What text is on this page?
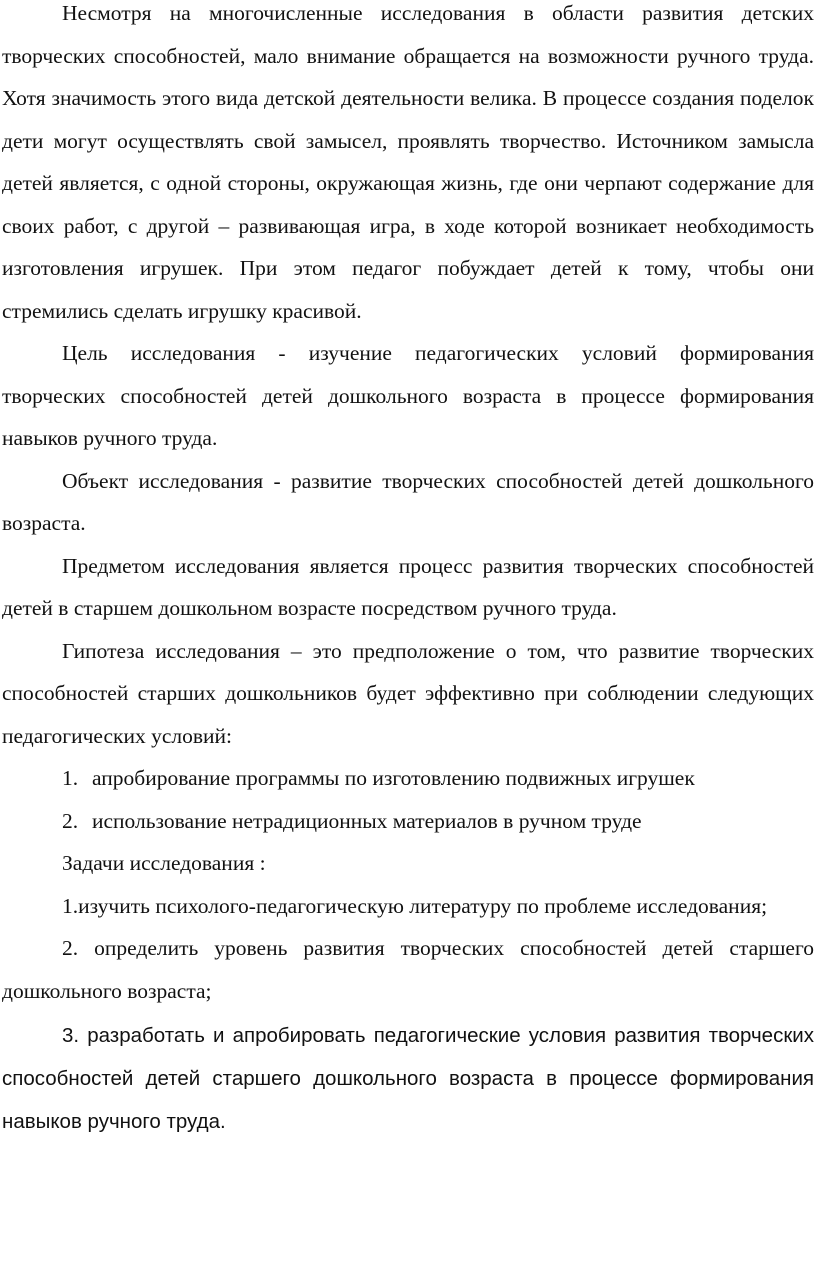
Несмотря на многочисленные исследования в области развития детских творческих способностей, мало внимание обращается на возможности ручного труда. Хотя значимость этого вида детской деятельности велика. В процессе создания поделок дети могут осуществлять свой замысел, проявлять творчество. Источником замысла детей является, с одной стороны, окружающая жизнь, где они черпают содержание для своих работ, с другой – развивающая игра, в ходе которой возникает необходимость изготовления игрушек. При этом педагог побуждает детей к тому, чтобы они стремились сделать игрушку красивой.

Цель исследования - изучение педагогических условий формирования творческих способностей детей дошкольного возраста в процессе формирования навыков ручного труда.

Объект исследования - развитие творческих способностей детей дошкольного возраста.

Предметом исследования является процесс развития творческих способностей детей в старшем дошкольном возрасте посредством ручного труда.

Гипотеза исследования – это предположение о том, что развитие творческих способностей старших дошкольников будет эффективно при соблюдении следующих педагогических условий:

1. апробирование программы по изготовлению подвижных игрушек
2. использование нетрадиционных материалов в ручном труде

Задачи исследования :

1.изучить психолого-педагогическую литературу по проблеме исследования;

2. определить уровень развития творческих способностей детей старшего дошкольного возраста;

3. разработать и апробировать педагогические условия развития творческих способностей детей старшего дошкольного возраста в процессе формирования навыков ручного труда.
